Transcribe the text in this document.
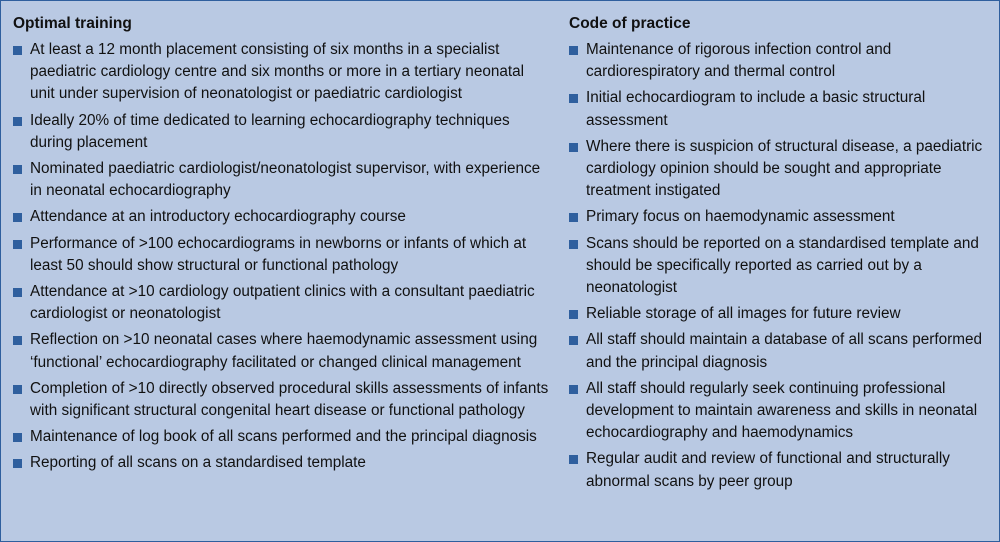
Optimal training
At least a 12 month placement consisting of six months in a specialist paediatric cardiology centre and six months or more in a tertiary neonatal unit under supervision of neonatologist or paediatric cardiologist
Ideally 20% of time dedicated to learning echocardiography techniques during placement
Nominated paediatric cardiologist/neonatologist supervisor, with experience in neonatal echocardiography
Attendance at an introductory echocardiography course
Performance of >100 echocardiograms in newborns or infants of which at least 50 should show structural or functional pathology
Attendance at >10 cardiology outpatient clinics with a consultant paediatric cardiologist or neonatologist
Reflection on >10 neonatal cases where haemodynamic assessment using ‘functional’ echocardiography facilitated or changed clinical management
Completion of >10 directly observed procedural skills assessments of infants with significant structural congenital heart disease or functional pathology
Maintenance of log book of all scans performed and the principal diagnosis
Reporting of all scans on a standardised template
Code of practice
Maintenance of rigorous infection control and cardiorespiratory and thermal control
Initial echocardiogram to include a basic structural assessment
Where there is suspicion of structural disease, a paediatric cardiology opinion should be sought and appropriate treatment instigated
Primary focus on haemodynamic assessment
Scans should be reported on a standardised template and should be specifically reported as carried out by a neonatologist
Reliable storage of all images for future review
All staff should maintain a database of all scans performed and the principal diagnosis
All staff should regularly seek continuing professional development to maintain awareness and skills in neonatal echocardiography and haemodynamics
Regular audit and review of functional and structurally abnormal scans by peer group
